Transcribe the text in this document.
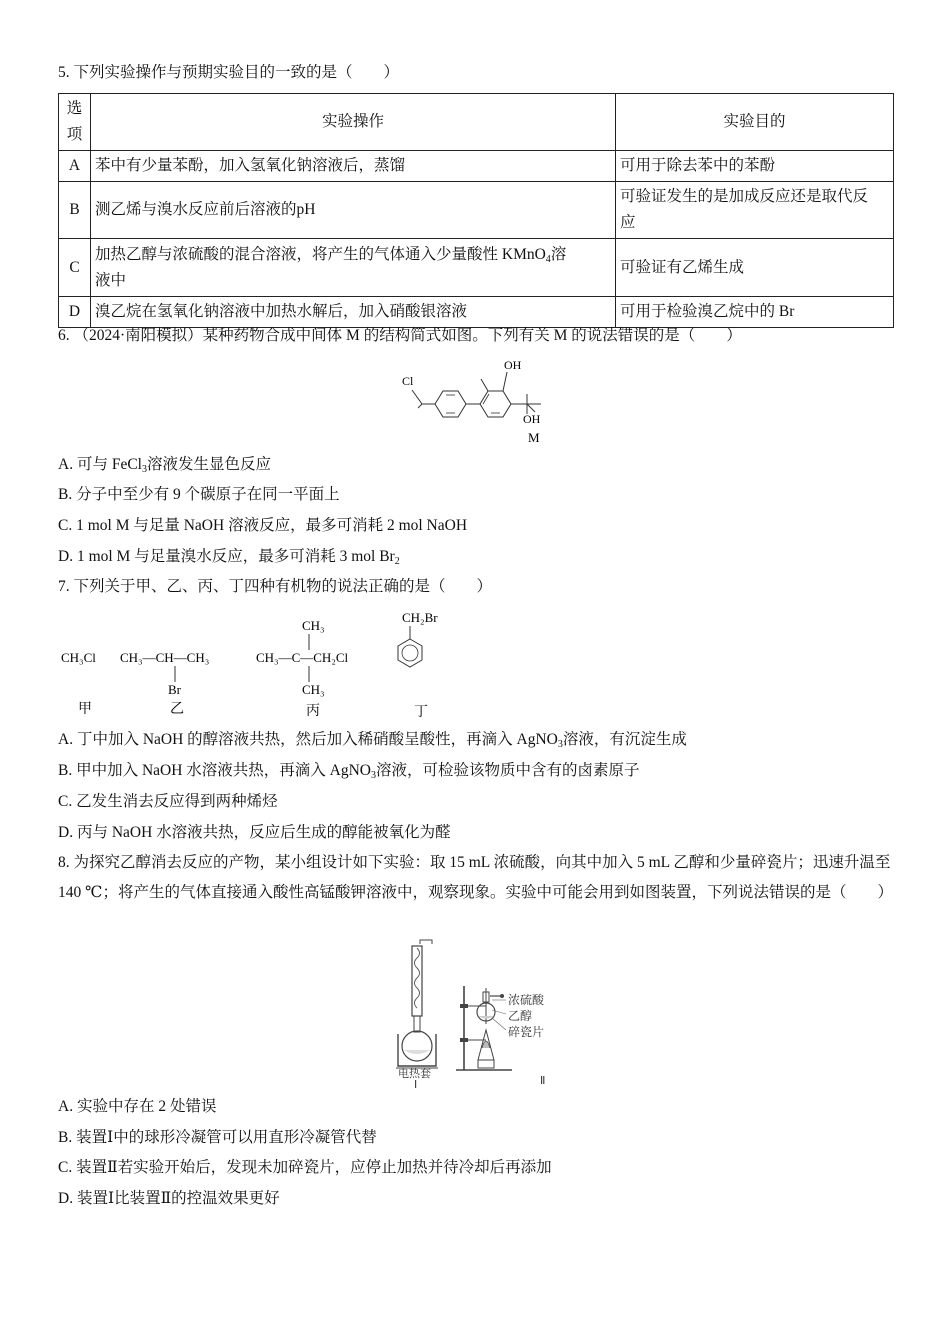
5. 下列实验操作与预期实验目的一致的是（　　）
选
项	实验操作	实验目的
A	苯中有少量苯酚，加入氢氧化钠溶液后，蒸馏	可用于除去苯中的苯酚
B	测乙烯与溴水反应前后溶液的pH	可验证发生的是加成反应还是取代反
应

C	加热乙醇与浓硫酸的混合溶液，将产生的气体通入少量酸性 KMnO$_4$溶
液中	可验证有乙烯生成
D	溴乙烷在氢氧化钠溶液中加热水解后，加入硝酸银溶液	可用于检验溴乙烷中的 Br
6. （2024·南阳模拟）某种药物合成中间体 M 的结构简式如图。下列有关 M 的说法错误的是（　　）
Cl
OH
OH
M
A. 可与 FeCl$_3$溶液发生显色反应
B. 分子中至少有 9 个碳原子在同一平面上
C. 1 mol M 与足量 NaOH 溶液反应，最多可消耗 2 mol NaOH
D. 1 mol M 与足量溴水反应，最多可消耗 3 mol $Br_2$
7. 下列关于甲、乙、丙、丁四种有机物的说法正确的是（　　）
CH₃Cl CH₃—CH—CH₃
Br
CH₃
CH₃—C—CH₂Cl
CH₃
CH₂Br
甲	乙	丙	丁
A. 丁中加入 NaOH 的醇溶液共热，然后加入稀硝酸呈酸性，再滴入 AgNO$_3$溶液，有沉淀生成
B. 甲中加入 NaOH 水溶液共热，再滴入 AgNO$_3$溶液，可检验该物质中含有的卤素原子
C. 乙发生消去反应得到两种烯烃
D. 丙与 NaOH 水溶液共热，反应后生成的醇能被氧化为醛
8. 为探究乙醇消去反应的产物，某小组设计如下实验：取 15 mL 浓硫酸，向其中加入 5 mL 乙醇和少量碎瓷片；迅速升温至 140 ℃；将产生的气体直接通入酸性高锰酸钾溶液中，观察现象。实验中可能会用到如图装置，下列说法错误的是（　　）
电热套
Ⅰ
浓硫酸
乙醇
碎瓷片
Ⅱ
A. 实验中存在 2 处错误
B. 装置Ⅰ中的球形冷凝管可以用直形冷凝管代替
C. 装置Ⅱ若实验开始后，发现未加碎瓷片，应停止加热并待冷却后再添加
D. 装置Ⅰ比装置Ⅱ的控温效果更好
